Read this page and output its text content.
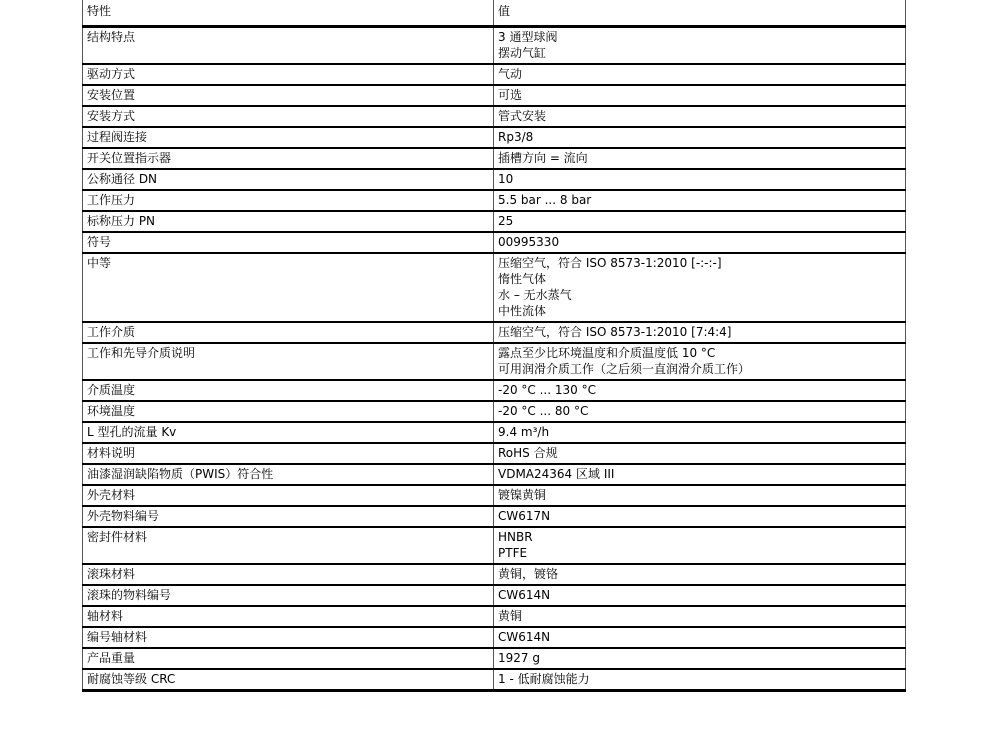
特性	值
结构特点	3 通型球阀
摆动气缸
驱动方式	气动
安装位置	可选
安装方式	管式安装
过程阀连接	Rp3/8
开关位置指示器	插槽方向 = 流向
公称通径 DN	10
工作压力	5.5 bar ... 8 bar
标称压力 PN	25
符号	00995330
中等	压缩空气，符合 ISO 8573-1:2010 [-:-:-]
惰性气体
水 – 无水蒸气
中性流体
工作介质	压缩空气，符合 ISO 8573-1:2010 [7:4:4]
工作和先导介质说明	露点至少比环境温度和介质温度低 10 °C
可用润滑介质工作（之后须一直润滑介质工作）
介质温度	-20 °C ... 130 °C
环境温度	-20 °C ... 80 °C
L 型孔的流量 Kv	9.4 m³/h
材料说明	RoHS 合规
油漆湿润缺陷物质（PWIS）符合性	VDMA24364 区域 III
外壳材料	镀镍黄铜
外壳物料编号	CW617N
密封件材料	HNBR
PTFE
滚珠材料	黄铜，镀铬
滚珠的物料编号	CW614N
轴材料	黄铜
编号轴材料	CW614N
产品重量	1927 g
耐腐蚀等级 CRC	1 - 低耐腐蚀能力
